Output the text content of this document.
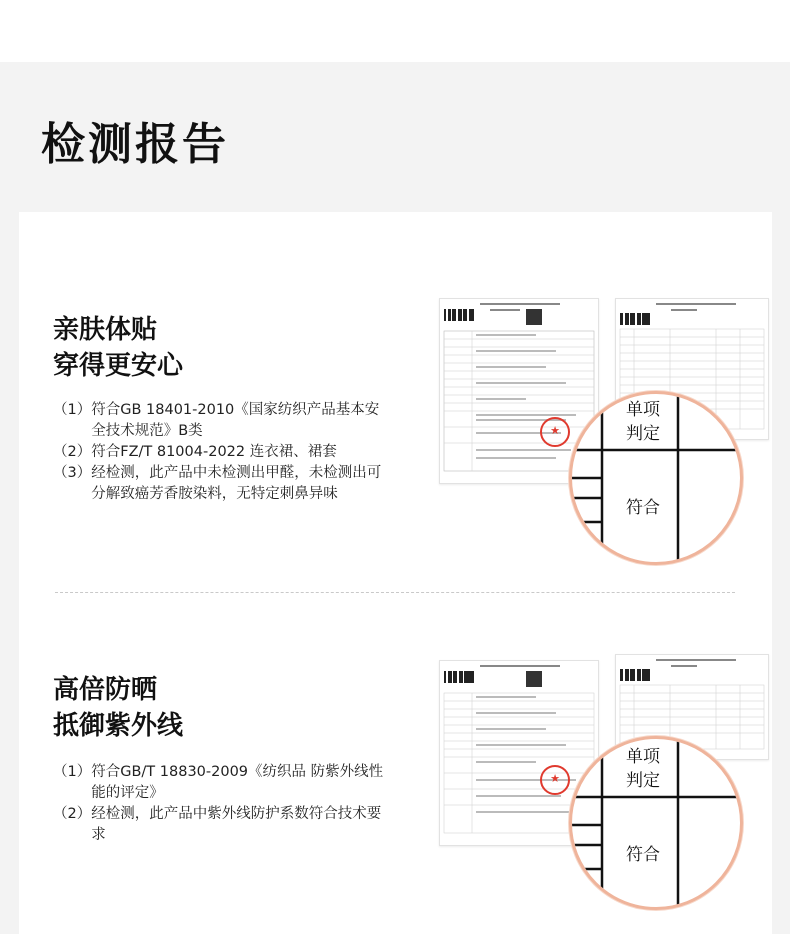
检测报告
亲肤体贴
穿得更安心
（1） 符合GB 18401-2010《国家纺织产品基本安全技术规范》B类
（2） 符合FZ/T 81004-2022 连衣裙、裙套
（3） 经检测，此产品中未检测出甲醛，未检测出可分解致癌芳香胺染料，无特定刺鼻异味
★
单项
判定
符合
高倍防晒
抵御紫外线
（1） 符合GB/T 18830-2009《纺织品 防紫外线性能的评定》
（2） 经检测，此产品中紫外线防护系数符合技术要求
★
单项
判定
符合
